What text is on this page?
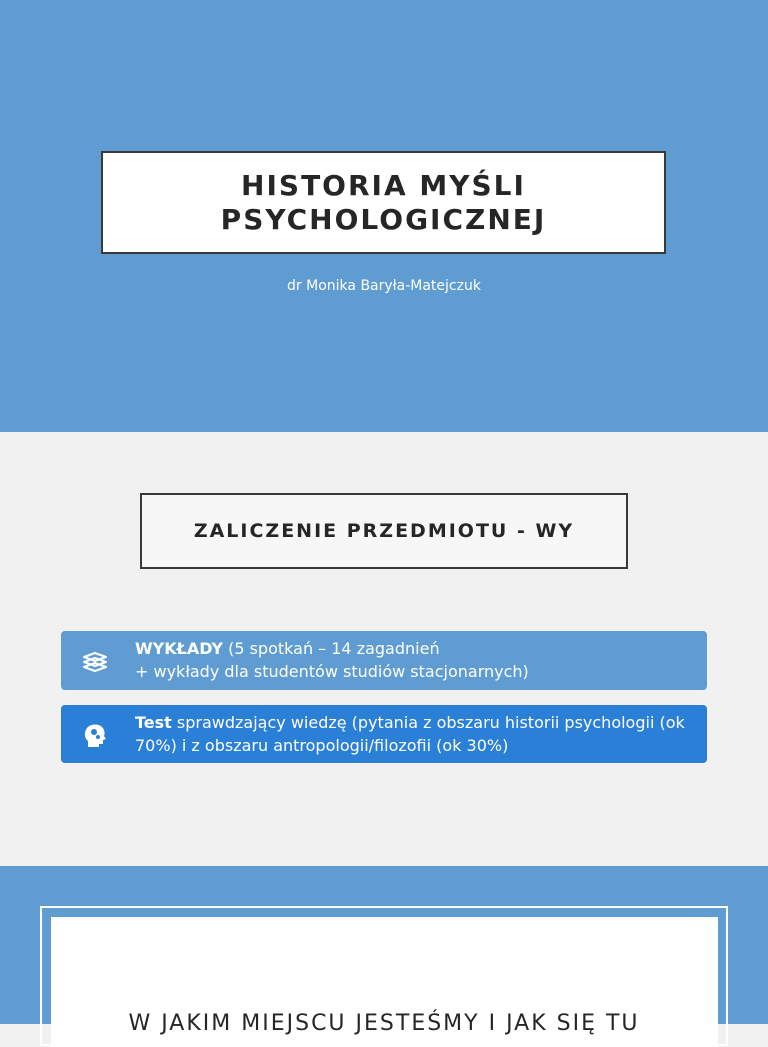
HISTORIA MYŚLI
PSYCHOLOGICZNEJ
dr Monika Baryła-Matejczuk
ZALICZENIE PRZEDMIOTU - WY
WYKŁADY (5 spotkań – 14 zagadnień
+ wykłady dla studentów studiów stacjonarnych)
Test sprawdzający wiedzę (pytania z obszaru historii psychologii (ok
70%) i z obszaru antropologii/filozofii (ok 30%)
W JAKIM MIEJSCU JESTEŚMY I JAK SIĘ TU
